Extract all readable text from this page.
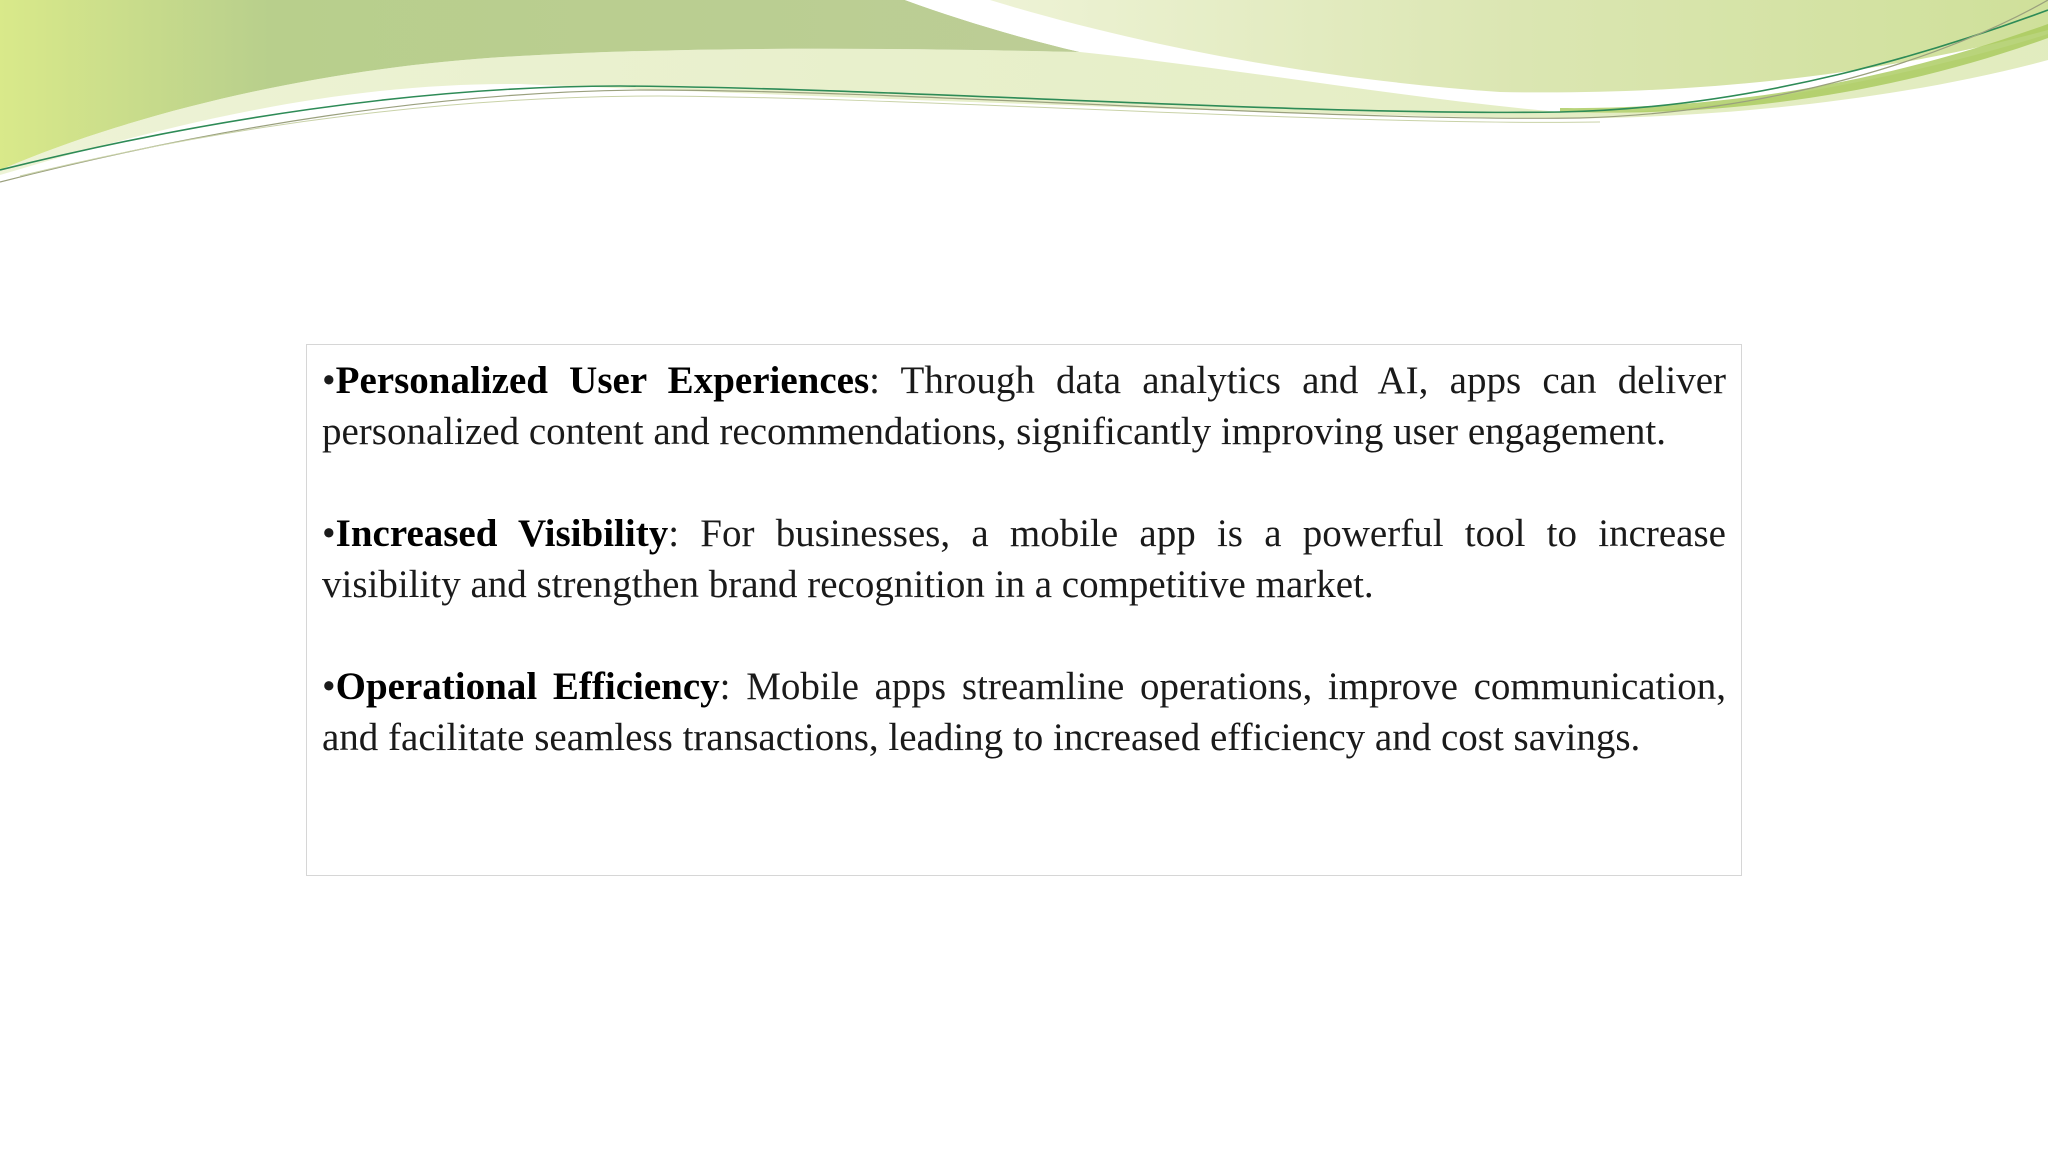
•Personalized User Experiences: Through data analytics and AI, apps can deliver personalized content and recommendations, significantly improving user engagement.

•Increased Visibility: For businesses, a mobile app is a powerful tool to increase visibility and strengthen brand recognition in a competitive market.

•Operational Efficiency: Mobile apps streamline operations, improve communication, and facilitate seamless transactions, leading to increased efficiency and cost savings.
